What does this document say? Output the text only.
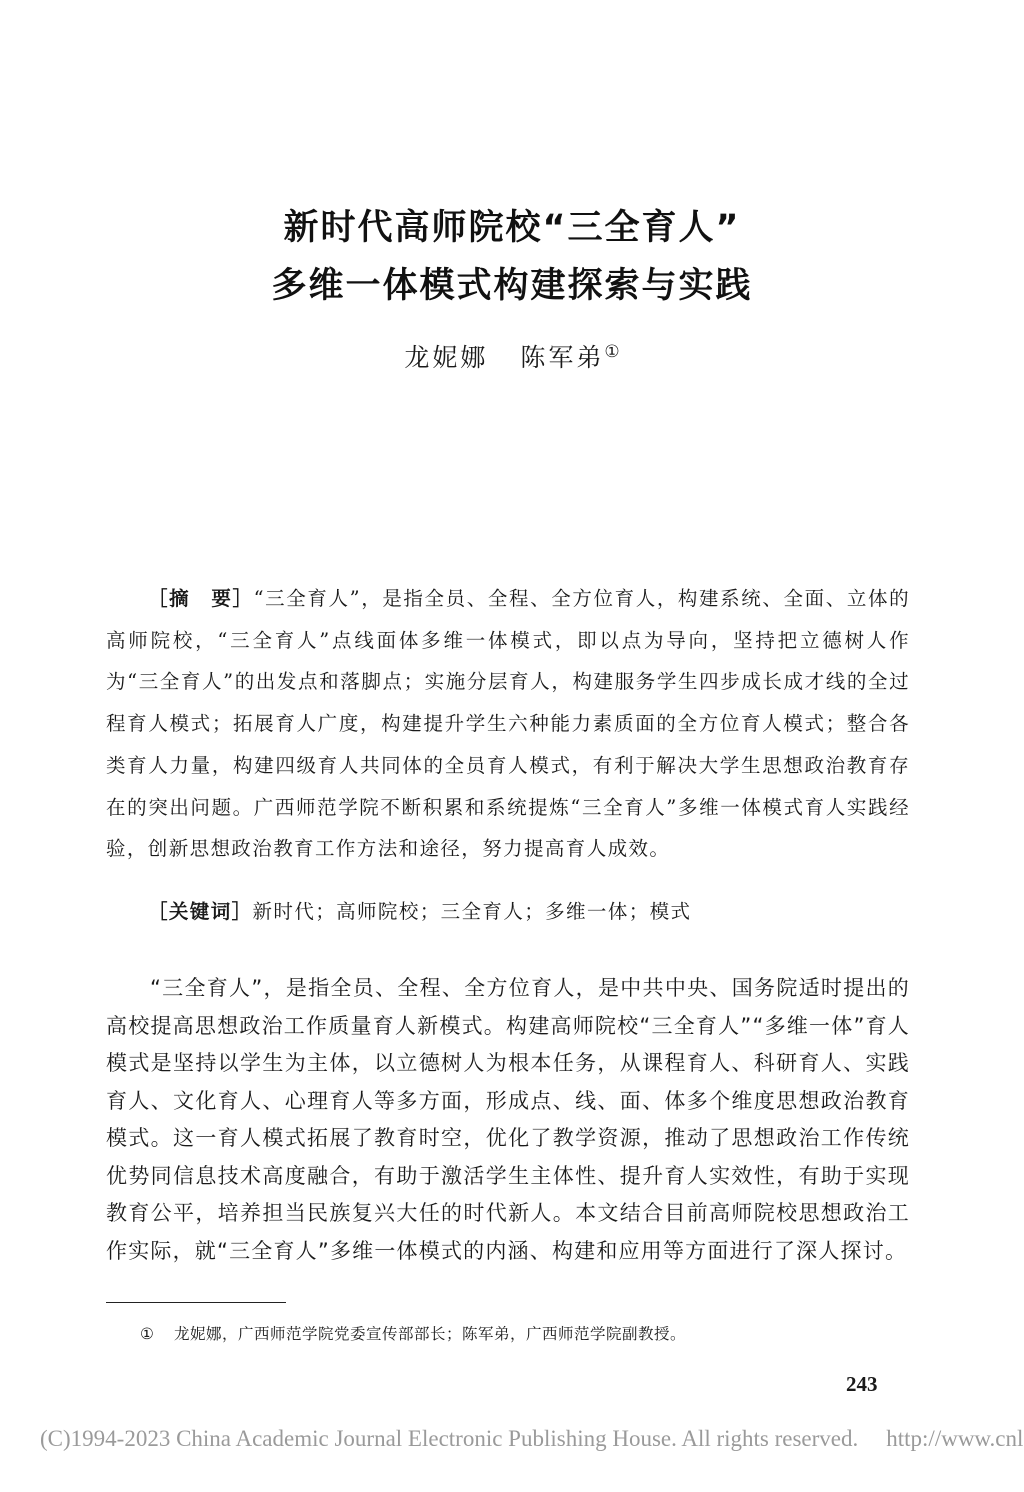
新时代高师院校“三全育人”
多维一体模式构建探索与实践
龙妮娜 陈军弟①

［摘　要］“三全育人”，是指全员、全程、全方位育人，构建系统、全面、立体的高师院校，“三全育人”点线面体多维一体模式，即以点为导向，坚持把立德树人作为“三全育人”的出发点和落脚点；实施分层育人，构建服务学生四步成长成才线的全过程育人模式；拓展育人广度，构建提升学生六种能力素质面的全方位育人模式；整合各类育人力量，构建四级育人共同体的全员育人模式，有利于解决大学生思想政治教育存在的突出问题。广西师范学院不断积累和系统提炼“三全育人”多维一体模式育人实践经验，创新思想政治教育工作方法和途径，努力提高育人成效。

［关键词］新时代；高师院校；三全育人；多维一体；模式

“三全育人”，是指全员、全程、全方位育人，是中共中央、国务院适时提出的高校提高思想政治工作质量育人新模式。构建高师院校“三全育人”“多维一体”育人模式是坚持以学生为主体，以立德树人为根本任务，从课程育人、科研育人、实践育人、文化育人、心理育人等多方面，形成点、线、面、体多个维度思想政治教育模式。这一育人模式拓展了教育时空，优化了教学资源，推动了思想政治工作传统优势同信息技术高度融合，有助于激活学生主体性、提升育人实效性，有助于实现教育公平，培养担当民族复兴大任的时代新人。本文结合目前高师院校思想政治工作实际，就“三全育人”多维一体模式的内涵、构建和应用等方面进行了深人探讨。

① 龙妮娜，广西师范学院党委宣传部部长；陈军弟，广西师范学院副教授。

243
(C)1994-2023 China Academic Journal Electronic Publishing House. All rights reserved. http://www.cnl
